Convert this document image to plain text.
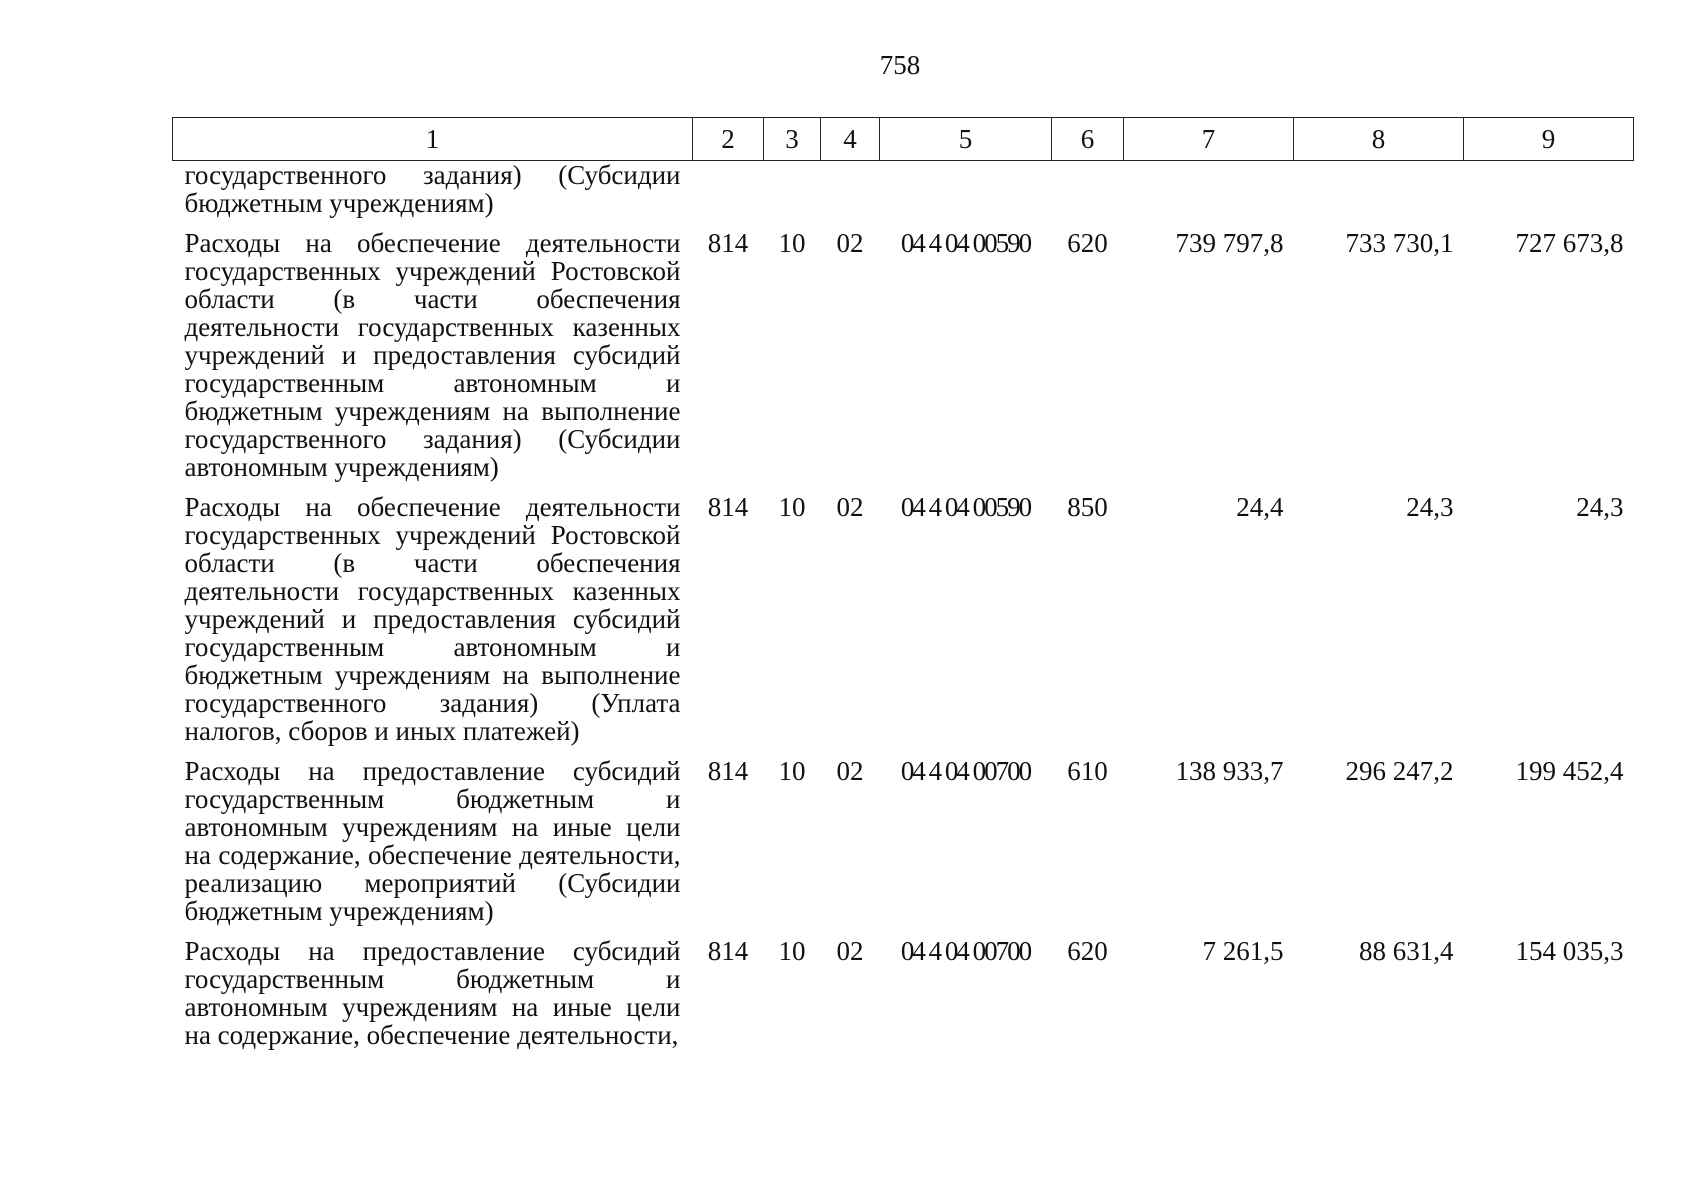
758
1	2	3	4	5	6	7	8	9
государственного задания) (Субсидии бюджетным учреждениям)								
Расходы на обеспечение деятельности государственных учреждений Ростовской области (в части обеспечения деятельности государственных казенных учреждений и предоставления субсидий государственным автономным и бюджетным учреждениям на выполнение государственного задания) (Субсидии автономным учреждениям)	814	10	02	04 4 04 00590	620	739 797,8	733 730,1	727 673,8
Расходы на обеспечение деятельности государственных учреждений Ростовской области (в части обеспечения деятельности государственных казенных учреждений и предоставления субсидий государственным автономным и бюджетным учреждениям на выполнение государственного задания) (Уплата налогов, сборов и иных платежей)	814	10	02	04 4 04 00590	850	24,4	24,3	24,3
Расходы на предоставление субсидий государственным бюджетным и автономным учреждениям на иные цели на содержание, обеспечение деятельности, реализацию мероприятий (Субсидии бюджетным учреждениям)	814	10	02	04 4 04 00700	610	138 933,7	296 247,2	199 452,4
Расходы на предоставление субсидий государственным бюджетным и автономным учреждениям на иные цели на содержание, обеспечение деятельности,	814	10	02	04 4 04 00700	620	7 261,5	88 631,4	154 035,3
